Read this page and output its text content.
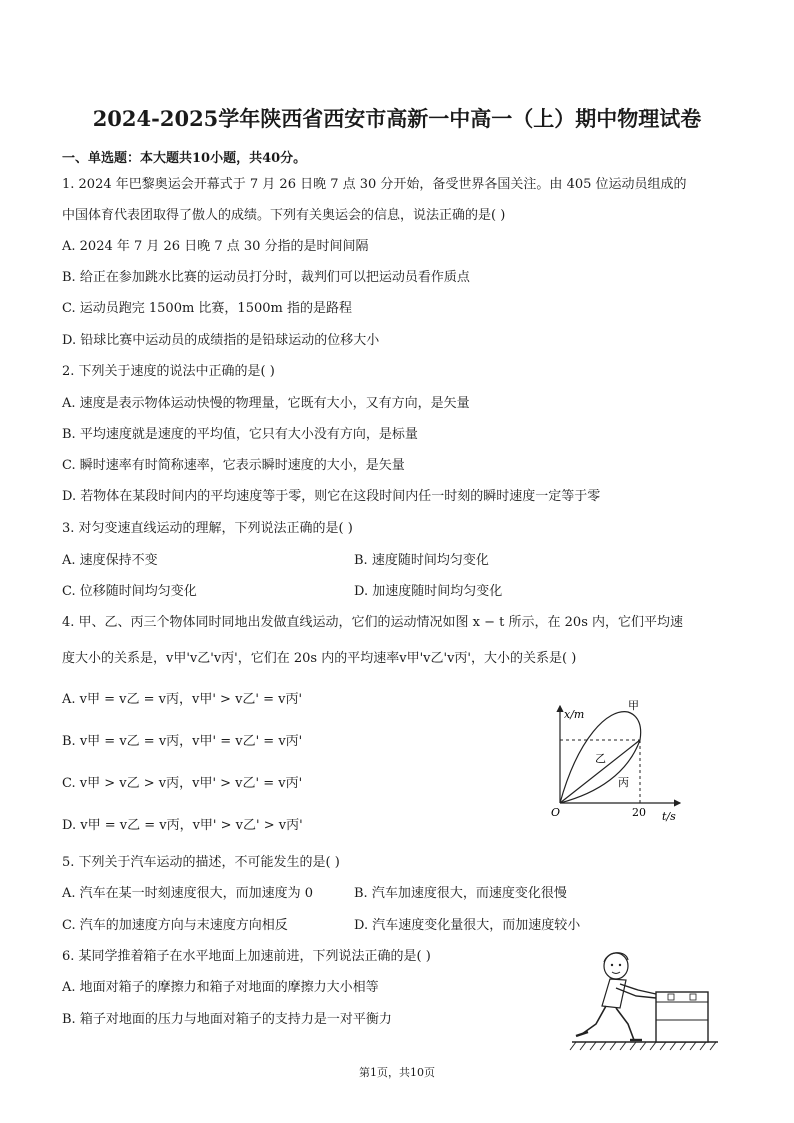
2024-2025学年陕西省西安市高新一中高一（上）期中物理试卷
一、单选题：本大题共10小题，共40分。
1. 2024 年巴黎奥运会开幕式于 7 月 26 日晚 7 点 30 分开始，备受世界各国关注。由 405 位运动员组成的
中国体育代表团取得了傲人的成绩。下列有关奥运会的信息，说法正确的是( )
A. 2024 年 7 月 26 日晚 7 点 30 分指的是时间间隔
B. 给正在参加跳水比赛的运动员打分时，裁判们可以把运动员看作质点
C. 运动员跑完 1500m 比赛，1500m 指的是路程
D. 铅球比赛中运动员的成绩指的是铅球运动的位移大小
2. 下列关于速度的说法中正确的是( )
A. 速度是表示物体运动快慢的物理量，它既有大小，又有方向，是矢量
B. 平均速度就是速度的平均值，它只有大小没有方向，是标量
C. 瞬时速率有时简称速率，它表示瞬时速度的大小，是矢量
D. 若物体在某段时间内的平均速度等于零，则它在这段时间内任一时刻的瞬时速度一定等于零
3. 对匀变速直线运动的理解，下列说法正确的是( )
A. 速度保持不变	B. 速度随时间均匀变化
C. 位移随时间均匀变化	D. 加速度随时间均匀变化
4. 甲、乙、丙三个物体同时同地出发做直线运动，它们的运动情况如图 x − t 所示，在 20s 内，它们平均速
度大小的关系是，v甲'v乙'v丙'，它们在 20s 内的平均速率v甲'v乙'v丙'，大小的关系是( )
A. v甲 = v乙 = v丙，v甲' > v乙' = v丙'
B. v甲 = v乙 = v丙，v甲' = v乙' = v丙'
C. v甲 > v乙 > v丙，v甲' > v乙' = v丙'
D. v甲 = v乙 = v丙，v甲' > v乙' > v丙'
x/m
t/s
O	20
甲
乙
丙
5. 下列关于汽车运动的描述，不可能发生的是( )
A. 汽车在某一时刻速度很大，而加速度为 0	B. 汽车加速度很大，而速度变化很慢
C. 汽车的加速度方向与末速度方向相反	D. 汽车速度变化量很大，而加速度较小
6. 某同学推着箱子在水平地面上加速前进，下列说法正确的是( )
A. 地面对箱子的摩擦力和箱子对地面的摩擦力大小相等
B. 箱子对地面的压力与地面对箱子的支持力是一对平衡力
第1页，共10页
